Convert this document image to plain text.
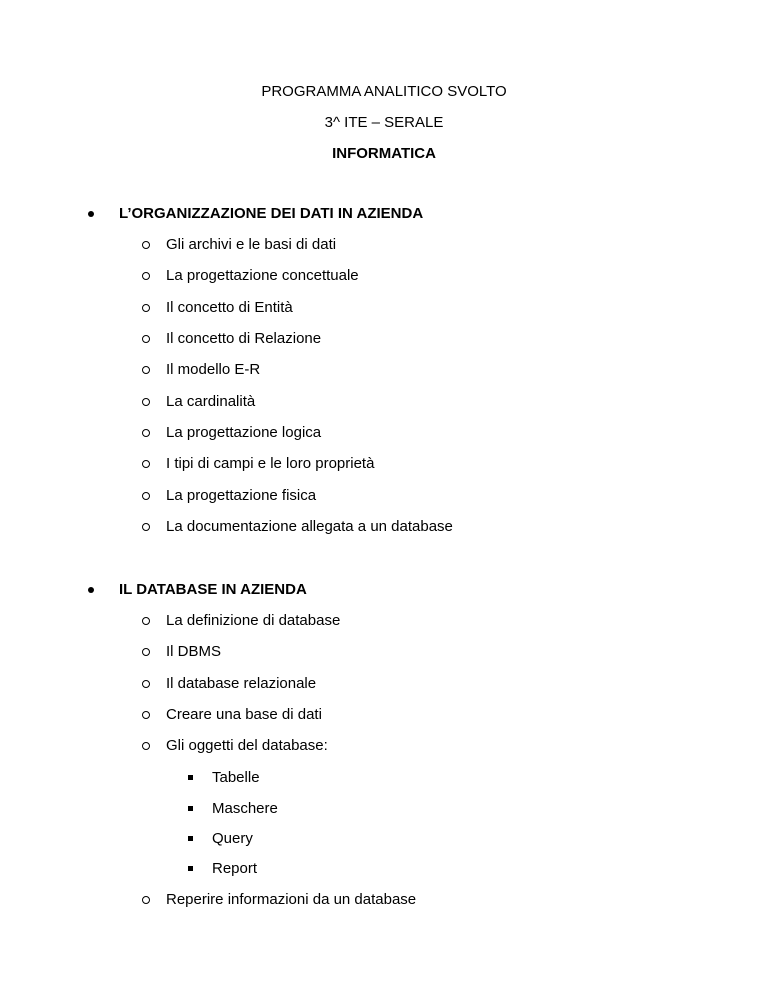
PROGRAMMA ANALITICO SVOLTO
3^ ITE – SERALE
INFORMATICA
L’ORGANIZZAZIONE DEI DATI IN AZIENDA
Gli archivi e le basi di dati
La progettazione concettuale
Il concetto di Entità
Il concetto di Relazione
Il modello E-R
La cardinalità
La progettazione logica
I tipi di campi e le loro proprietà
La progettazione fisica
La documentazione allegata a un database
IL DATABASE IN AZIENDA
La definizione di database
Il DBMS
Il database relazionale
Creare una base di dati
Gli oggetti del database:
Tabelle
Maschere
Query
Report
Reperire informazioni da un database
